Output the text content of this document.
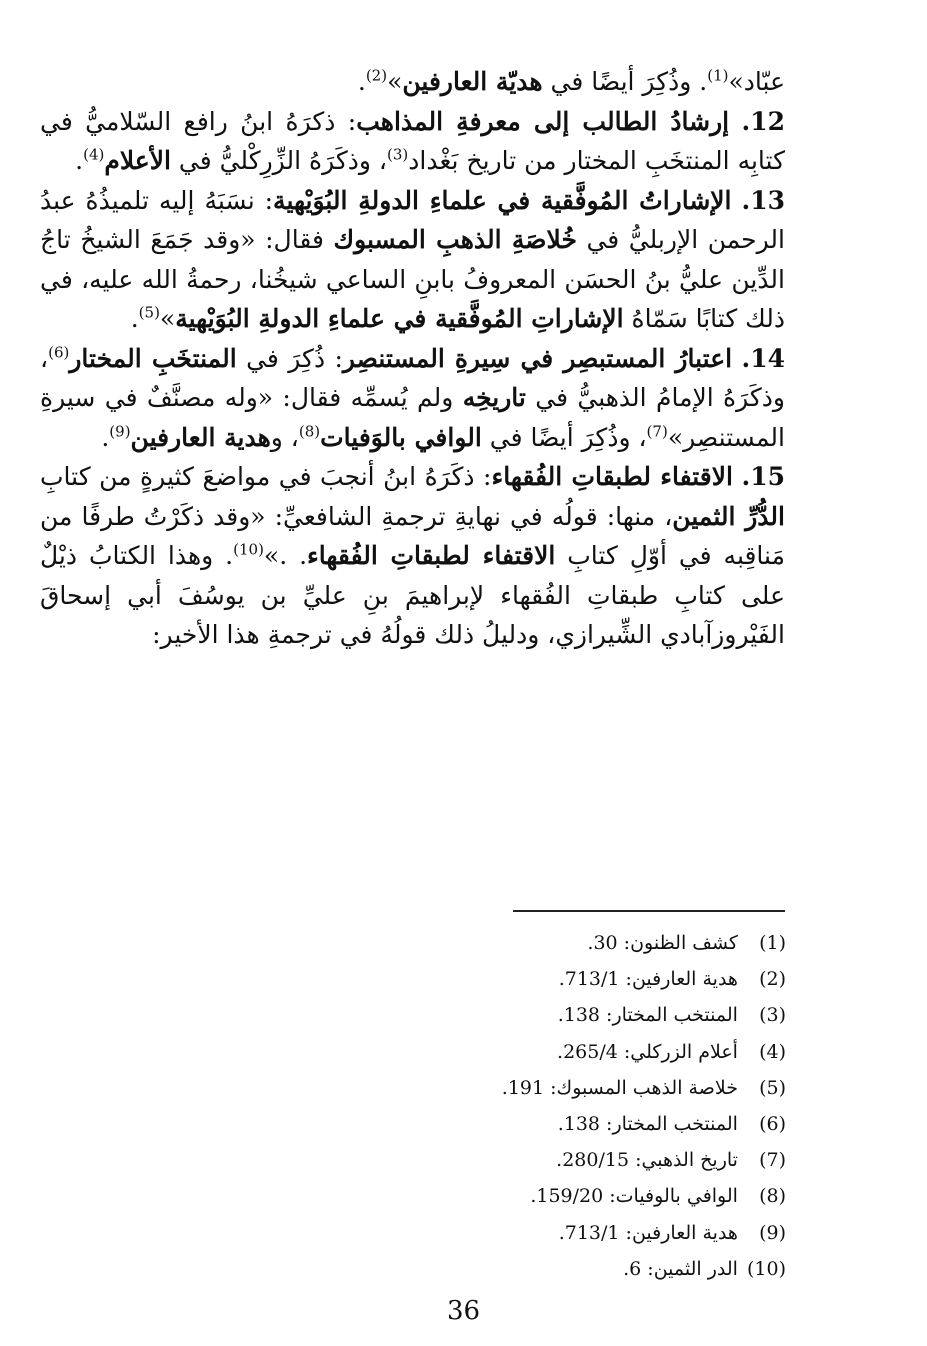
عبّاد»$^{(1)}$. وذُكِرَ أيضًا في هديّة العارفين»$^{(2)}$.

12. إرشادُ الطالب إلى معرفةِ المذاهب: ذكرَهُ ابنُ رافع السّلاميُّ في كتابِه المنتخَبِ المختار من تاريخ بَغْداد$^{(3)}$، وذكَرَهُ الزِّرِكْليُّ في الأعلام$^{(4)}$.

13. الإشاراتُ المُوفَّقية في علماءِ الدولةِ البُوَيْهية: نسَبَهُ إليه تلميذُهُ عبدُ الرحمن الإربليُّ في خُلاصَةِ الذهبِ المسبوك فقال: «وقد جَمَعَ الشيخُ تاجُ الدِّين عليُّ بنُ الحسَن المعروفُ بابنِ الساعي شيخُنا، رحمةُ الله عليه، في ذلك كتابًا سَمّاهُ الإشاراتِ المُوفَّقية في علماءِ الدولةِ البُوَيْهية»$^{(5)}$.

14. اعتبارُ المستبصِر في سِيرةِ المستنصِر: ذُكِرَ في المنتخَبِ المختار$^{(6)}$، وذكَرَهُ الإمامُ الذهبيُّ في تاريخِه ولم يُسمِّه فقال: «وله مصنَّفٌ في سيرةِ المستنصِر»$^{(7)}$، وذُكِرَ أيضًا في الوافي بالوَفيات$^{(8)}$، وهدية العارفين$^{(9)}$.

15. الاقتفاء لطبقاتِ الفُقهاء: ذكَرَهُ ابنُ أنجبَ في مواضعَ كثيرةٍ من كتابِ الدُّرِّ الثمين، منها: قولُه في نهايةِ ترجمةِ الشافعيِّ: «وقد ذكَرْتُ طرفًا من مَناقِبه في أوّلِ كتابِ الاقتفاء لطبقاتِ الفُقهاء. .»$^{(10)}$. وهذا الكتابُ ذيْلٌ على كتابِ طبقاتِ الفُقهاء لإبراهيمَ بنِ عليِّ بن يوسُفَ أبي إسحاقَ الفَيْروزآبادي الشِّيرازي، ودليلُ ذلك قولُهُ في ترجمةِ هذا الأخير:

(1) كشف الظنون: 30.
(2) هدية العارفين: 713/1.
(3) المنتخب المختار: 138.
(4) أعلام الزركلي: 265/4.
(5) خلاصة الذهب المسبوك: 191.
(6) المنتخب المختار: 138.
(7) تاريخ الذهبي: 280/15.
(8) الوافي بالوفيات: 159/20.
(9) هدية العارفين: 713/1.
(10) الدر الثمين: 6.
36
